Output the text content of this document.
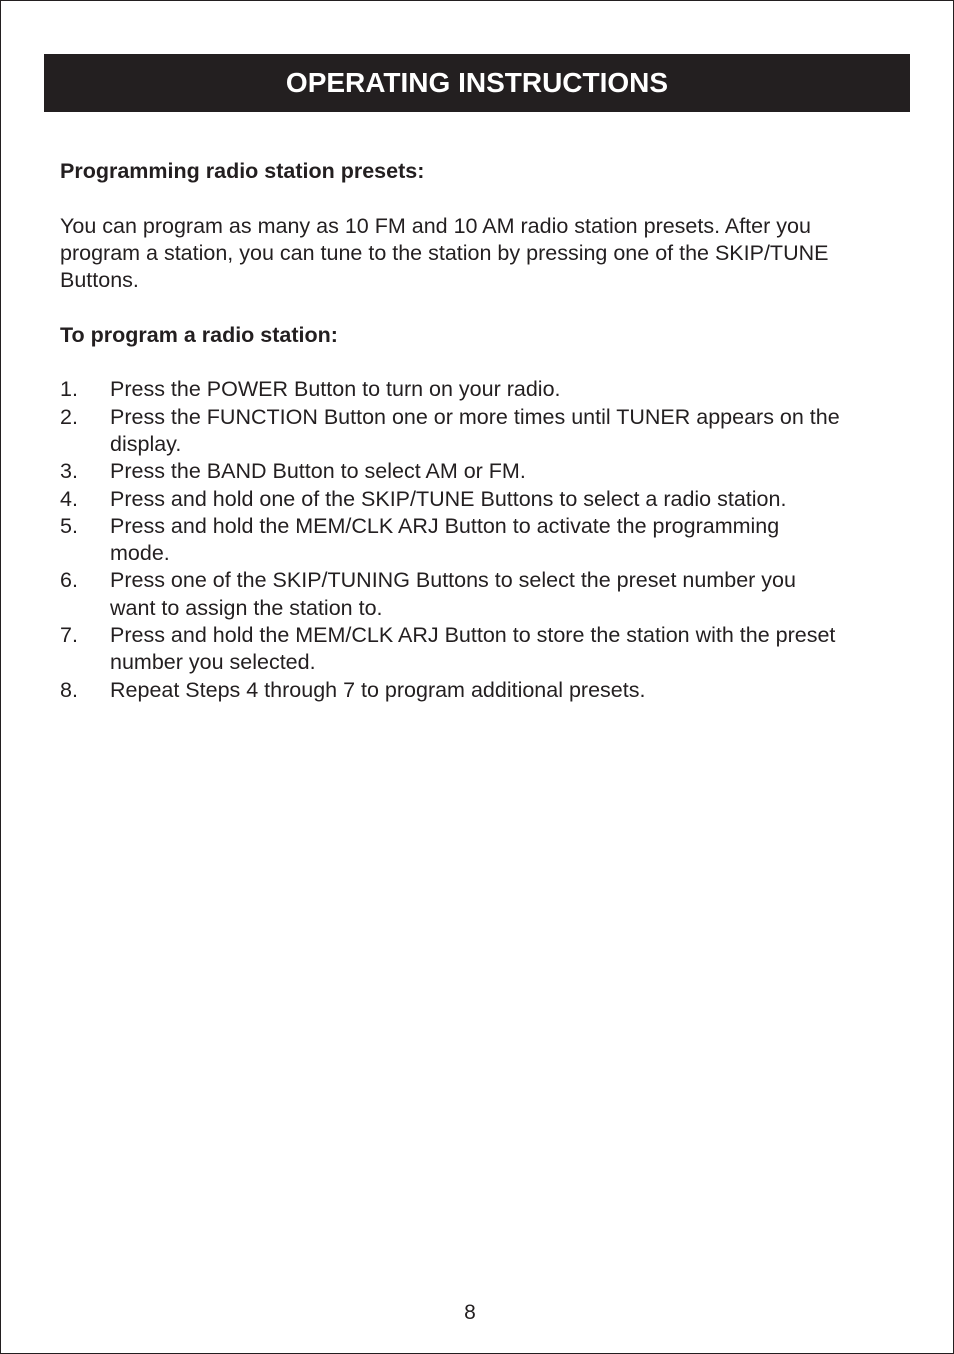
OPERATING INSTRUCTIONS

Programming radio station presets:

You can program as many as 10 FM and 10 AM radio station presets. After you program a station, you can tune to the station by pressing one of the SKIP/TUNE Buttons.

To program a radio station:

1.	Press the POWER Button to turn on your radio.
2.	Press the FUNCTION Button one or more times until TUNER appears on the display.
3.	Press the BAND Button to select AM or FM.
4.	Press and hold one of the SKIP/TUNE Buttons to select a radio station.
5.	Press and hold the MEM/CLK ARJ Button to activate the programming mode.
6.	Press one of the SKIP/TUNING Buttons to select the preset number you want to assign the station to.
7.	Press and hold the MEM/CLK ARJ Button to store the station with the preset number you selected.
8.	Repeat Steps 4 through 7 to program additional presets.
8
